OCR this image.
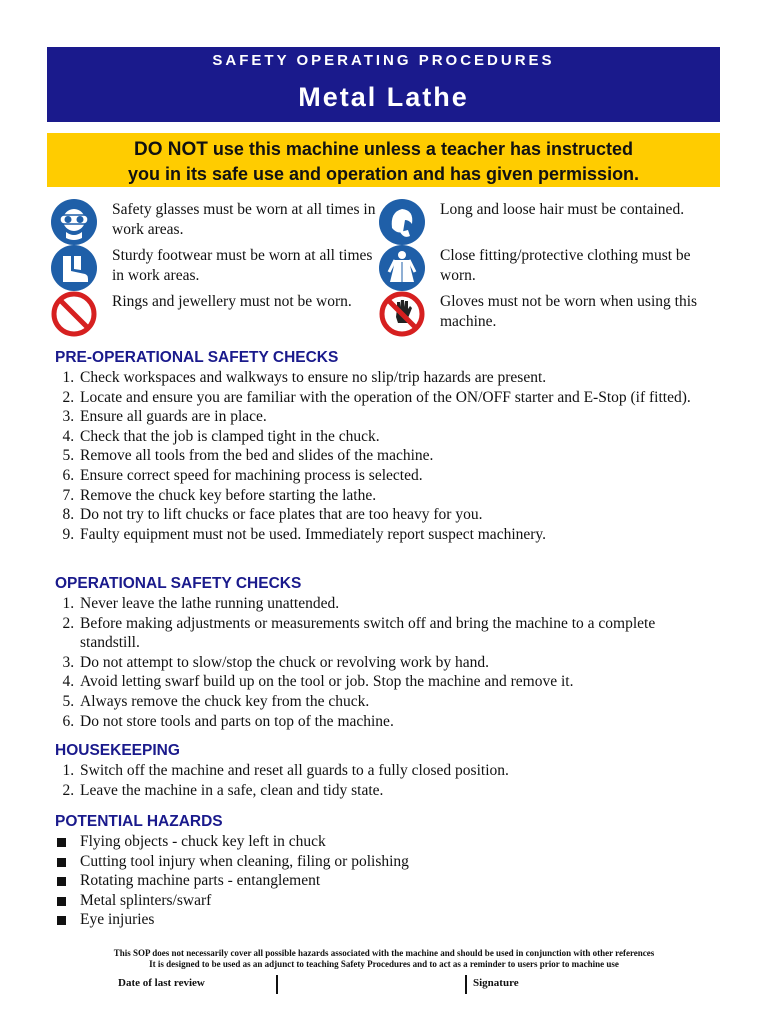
SAFETY OPERATING PROCEDURES
Metal Lathe
DO NOT use this machine unless a teacher has instructed
you in its safe use and operation and has given permission.
Safety glasses must be worn at all times in work areas.
Long and loose hair must be contained.
Sturdy footwear must be worn at all times in work areas.
Close fitting/protective clothing must be worn.
Rings and jewellery must not be worn.	Gloves must not be worn when using this machine.
PRE-OPERATIONAL SAFETY CHECKS
1. Check workspaces and walkways to ensure no slip/trip hazards are present.
2. Locate and ensure you are familiar with the operation of the ON/OFF starter and E-Stop (if fitted).
3. Ensure all guards are in place.
4. Check that the job is clamped tight in the chuck.
5. Remove all tools from the bed and slides of the machine.
6. Ensure correct speed for machining process is selected.
7. Remove the chuck key before starting the lathe.
8. Do not try to lift chucks or face plates that are too heavy for you.
9. Faulty equipment must not be used. Immediately report suspect machinery.
OPERATIONAL SAFETY CHECKS
1. Never leave the lathe running unattended.
2. Before making adjustments or measurements switch off and bring the machine to a complete standstill.
3. Do not attempt to slow/stop the chuck or revolving work by hand.
4. Avoid letting swarf build up on the tool or job. Stop the machine and remove it.
5. Always remove the chuck key from the chuck.
6. Do not store tools and parts on top of the machine.
HOUSEKEEPING
1. Switch off the machine and reset all guards to a fully closed position.
2. Leave the machine in a safe, clean and tidy state.
POTENTIAL HAZARDS
Flying objects - chuck key left in chuck
Cutting tool injury when cleaning, filing or polishing
Rotating machine parts - entanglement
Metal splinters/swarf
Eye injuries
This SOP does not necessarily cover all possible hazards associated with the machine and should be used in conjunction with other references
It is designed to be used as an adjunct to teaching Safety Procedures and to act as a reminder to users prior to machine use
Date of last review	Signature
